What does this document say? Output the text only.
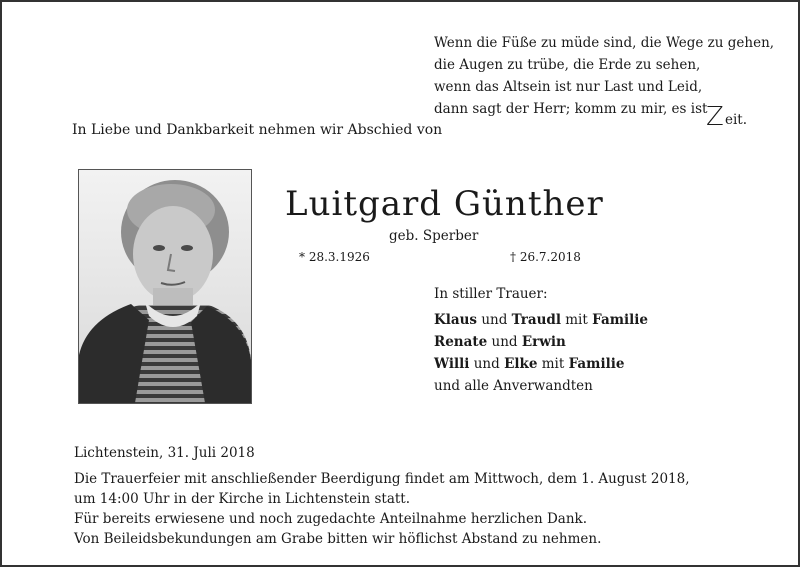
Wenn die Füße zu müde sind, die Wege zu gehen,
die Augen zu trübe, die Erde zu sehen,
wenn das Altsein ist nur Last und Leid,
dann sagt der Herr; komm zu mir, es ist
Z eit.
In Liebe und Dankbarkeit nehmen wir Abschied von
Luitgard Günther
geb. Sperber
* 28.3.1926	† 26.7.2018
In stiller Trauer:
Klaus und Traudl mit Familie
Renate und Erwin
Willi und Elke mit Familie
und alle Anverwandten
Lichtenstein, 31. Juli 2018
Die Trauerfeier mit anschließender Beerdigung findet am Mittwoch, dem 1. August 2018,
um 14:00 Uhr in der Kirche in Lichtenstein statt.
Für bereits erwiesene und noch zugedachte Anteilnahme herzlichen Dank.
Von Beileidsbekundungen am Grabe bitten wir höflichst Abstand zu nehmen.
